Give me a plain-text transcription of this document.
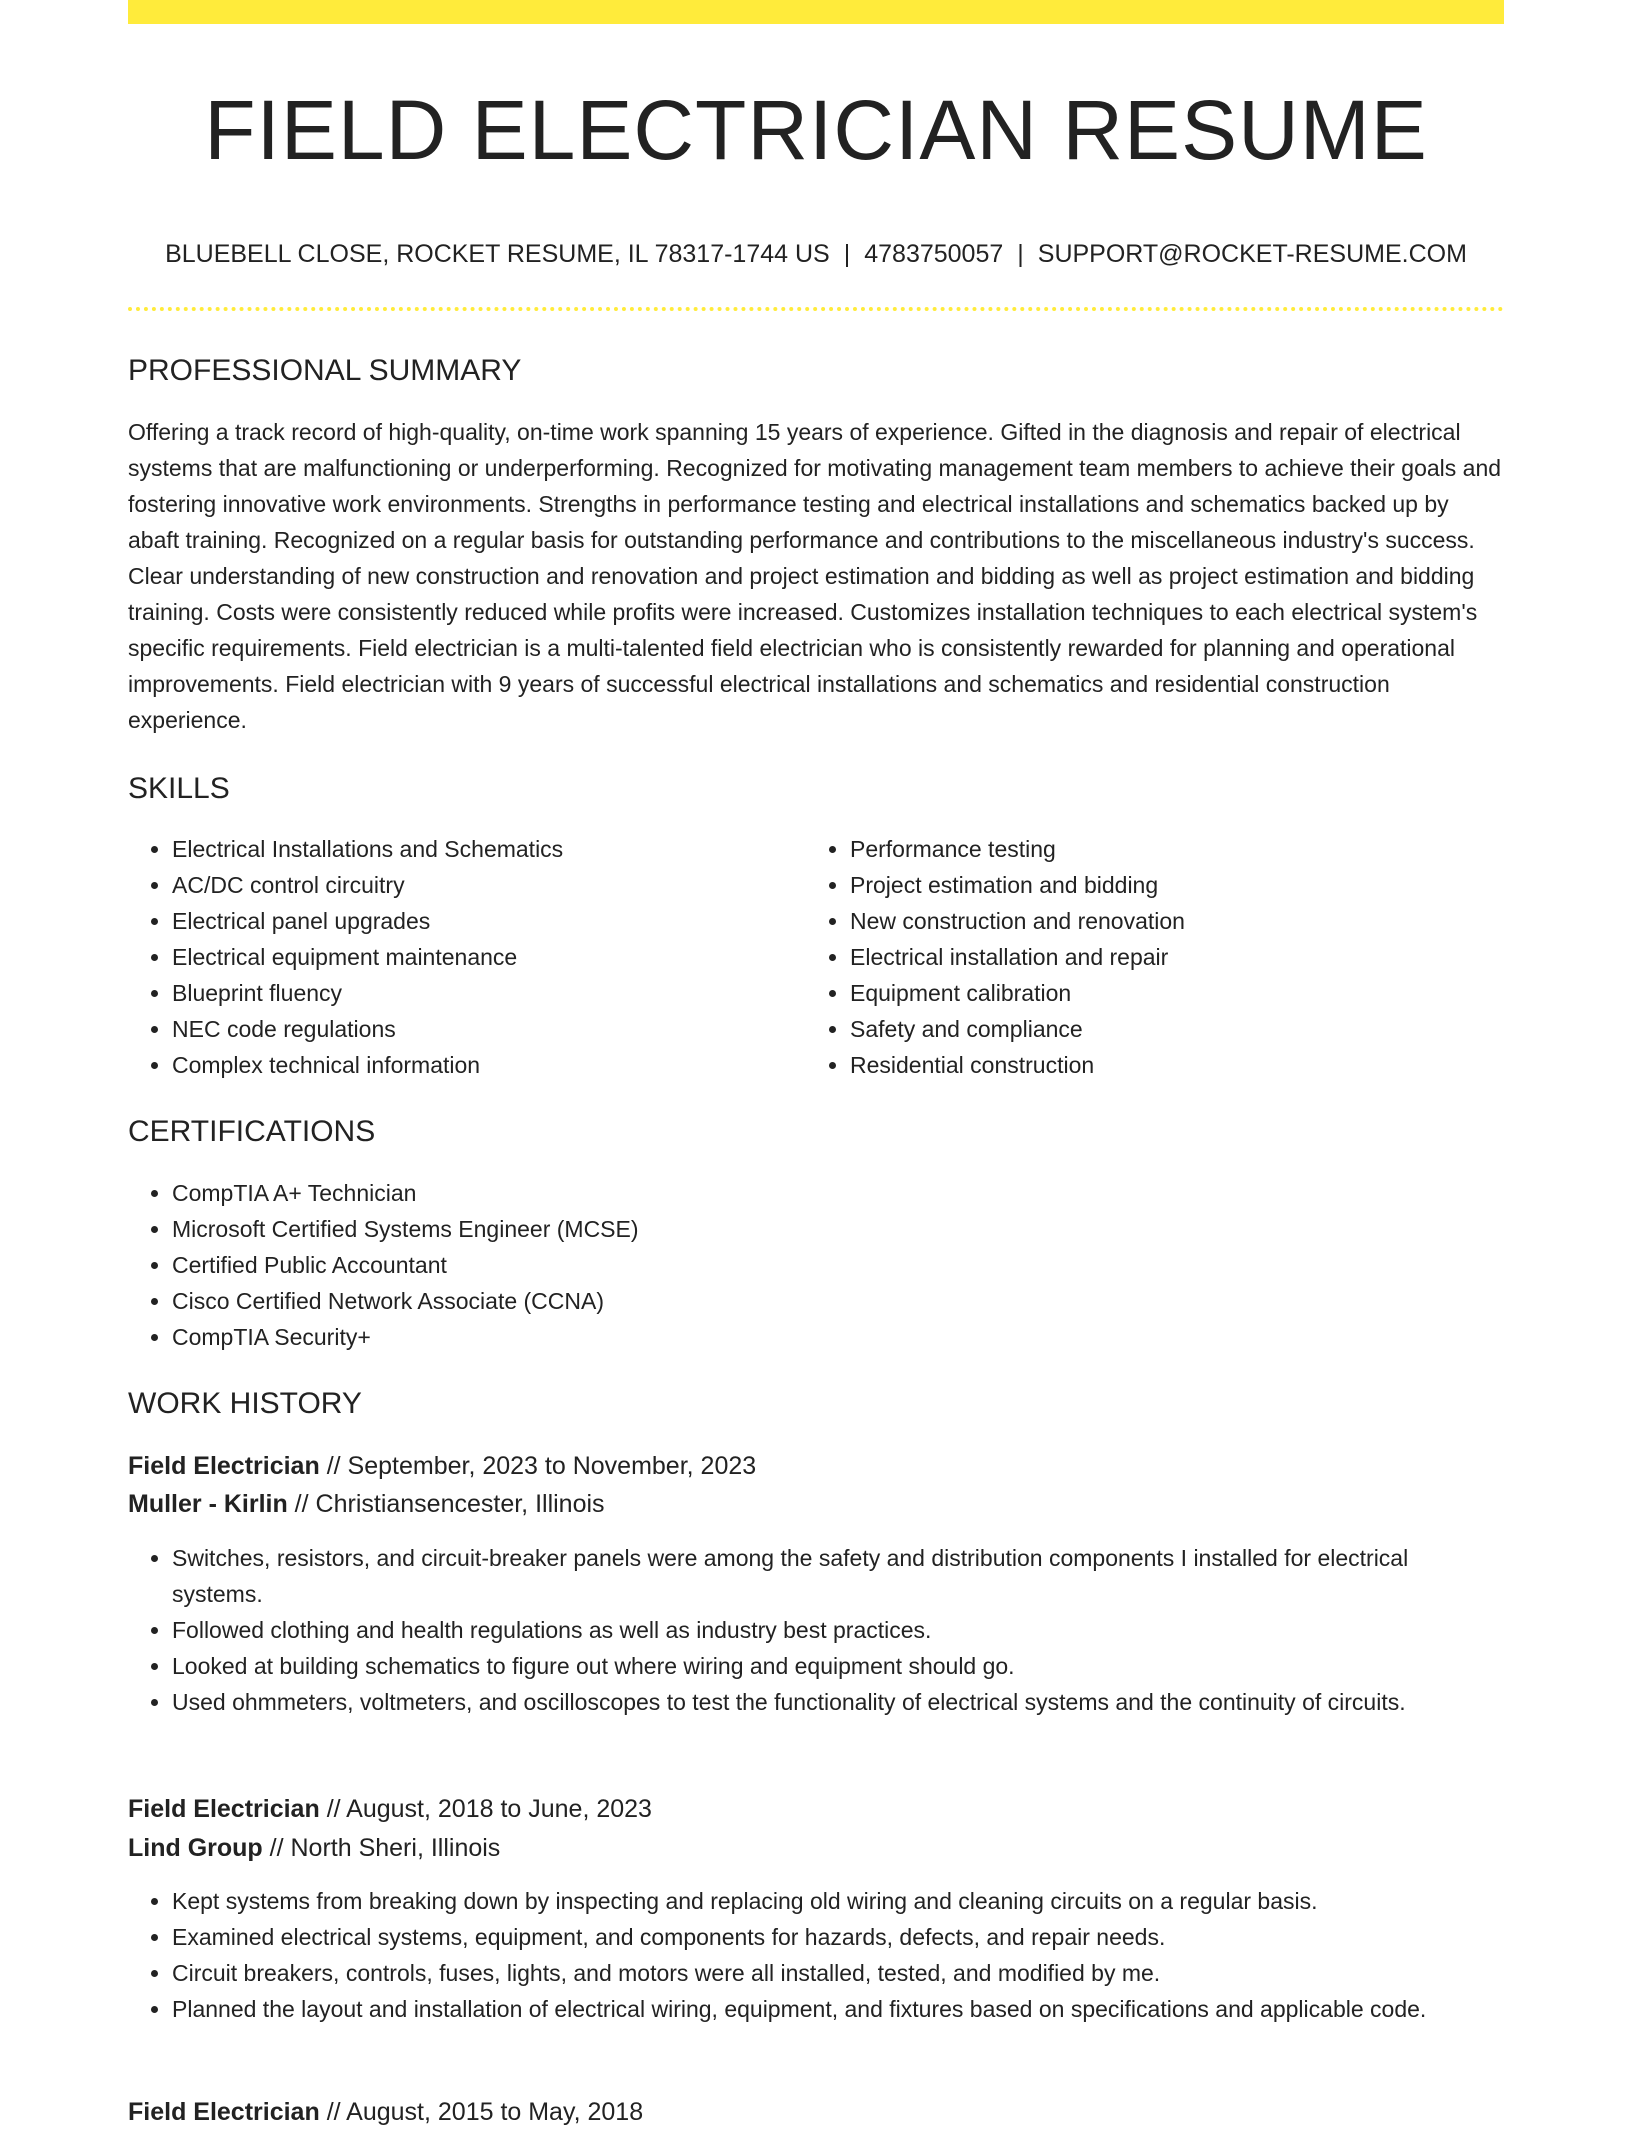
FIELD ELECTRICIAN RESUME
BLUEBELL CLOSE, ROCKET RESUME, IL 78317-1744 US | 4783750057 | SUPPORT@ROCKET-RESUME.COM
PROFESSIONAL SUMMARY

Offering a track record of high-quality, on-time work spanning 15 years of experience. Gifted in the diagnosis and repair of electrical systems that are malfunctioning or underperforming. Recognized for motivating management team members to achieve their goals and fostering innovative work environments. Strengths in performance testing and electrical installations and schematics backed up by abaft training. Recognized on a regular basis for outstanding performance and contributions to the miscellaneous industry's success. Clear understanding of new construction and renovation and project estimation and bidding as well as project estimation and bidding training. Costs were consistently reduced while profits were increased. Customizes installation techniques to each electrical system's specific requirements. Field electrician is a multi-talented field electrician who is consistently rewarded for planning and operational improvements. Field electrician with 9 years of successful electrical installations and schematics and residential construction experience.

SKILLS
• Electrical Installations and Schematics
• AC/DC control circuitry
• Electrical panel upgrades
• Electrical equipment maintenance
• Blueprint fluency
• NEC code regulations
• Complex technical information
• Performance testing
• Project estimation and bidding
• New construction and renovation
• Electrical installation and repair
• Equipment calibration
• Safety and compliance
• Residential construction
CERTIFICATIONS
• CompTIA A+ Technician
• Microsoft Certified Systems Engineer (MCSE)
• Certified Public Accountant
• Cisco Certified Network Associate (CCNA)
• CompTIA Security+
WORK HISTORY
Field Electrician // September, 2023 to November, 2023
Muller - Kirlin // Christiansencester, Illinois
• Switches, resistors, and circuit-breaker panels were among the safety and distribution components I installed for electrical systems.
• Followed clothing and health regulations as well as industry best practices.
• Looked at building schematics to figure out where wiring and equipment should go.
• Used ohmmeters, voltmeters, and oscilloscopes to test the functionality of electrical systems and the continuity of circuits.
Field Electrician // August, 2018 to June, 2023
Lind Group // North Sheri, Illinois
• Kept systems from breaking down by inspecting and replacing old wiring and cleaning circuits on a regular basis.
• Examined electrical systems, equipment, and components for hazards, defects, and repair needs.
• Circuit breakers, controls, fuses, lights, and motors were all installed, tested, and modified by me.
• Planned the layout and installation of electrical wiring, equipment, and fixtures based on specifications and applicable code.
Field Electrician // August, 2015 to May, 2018
